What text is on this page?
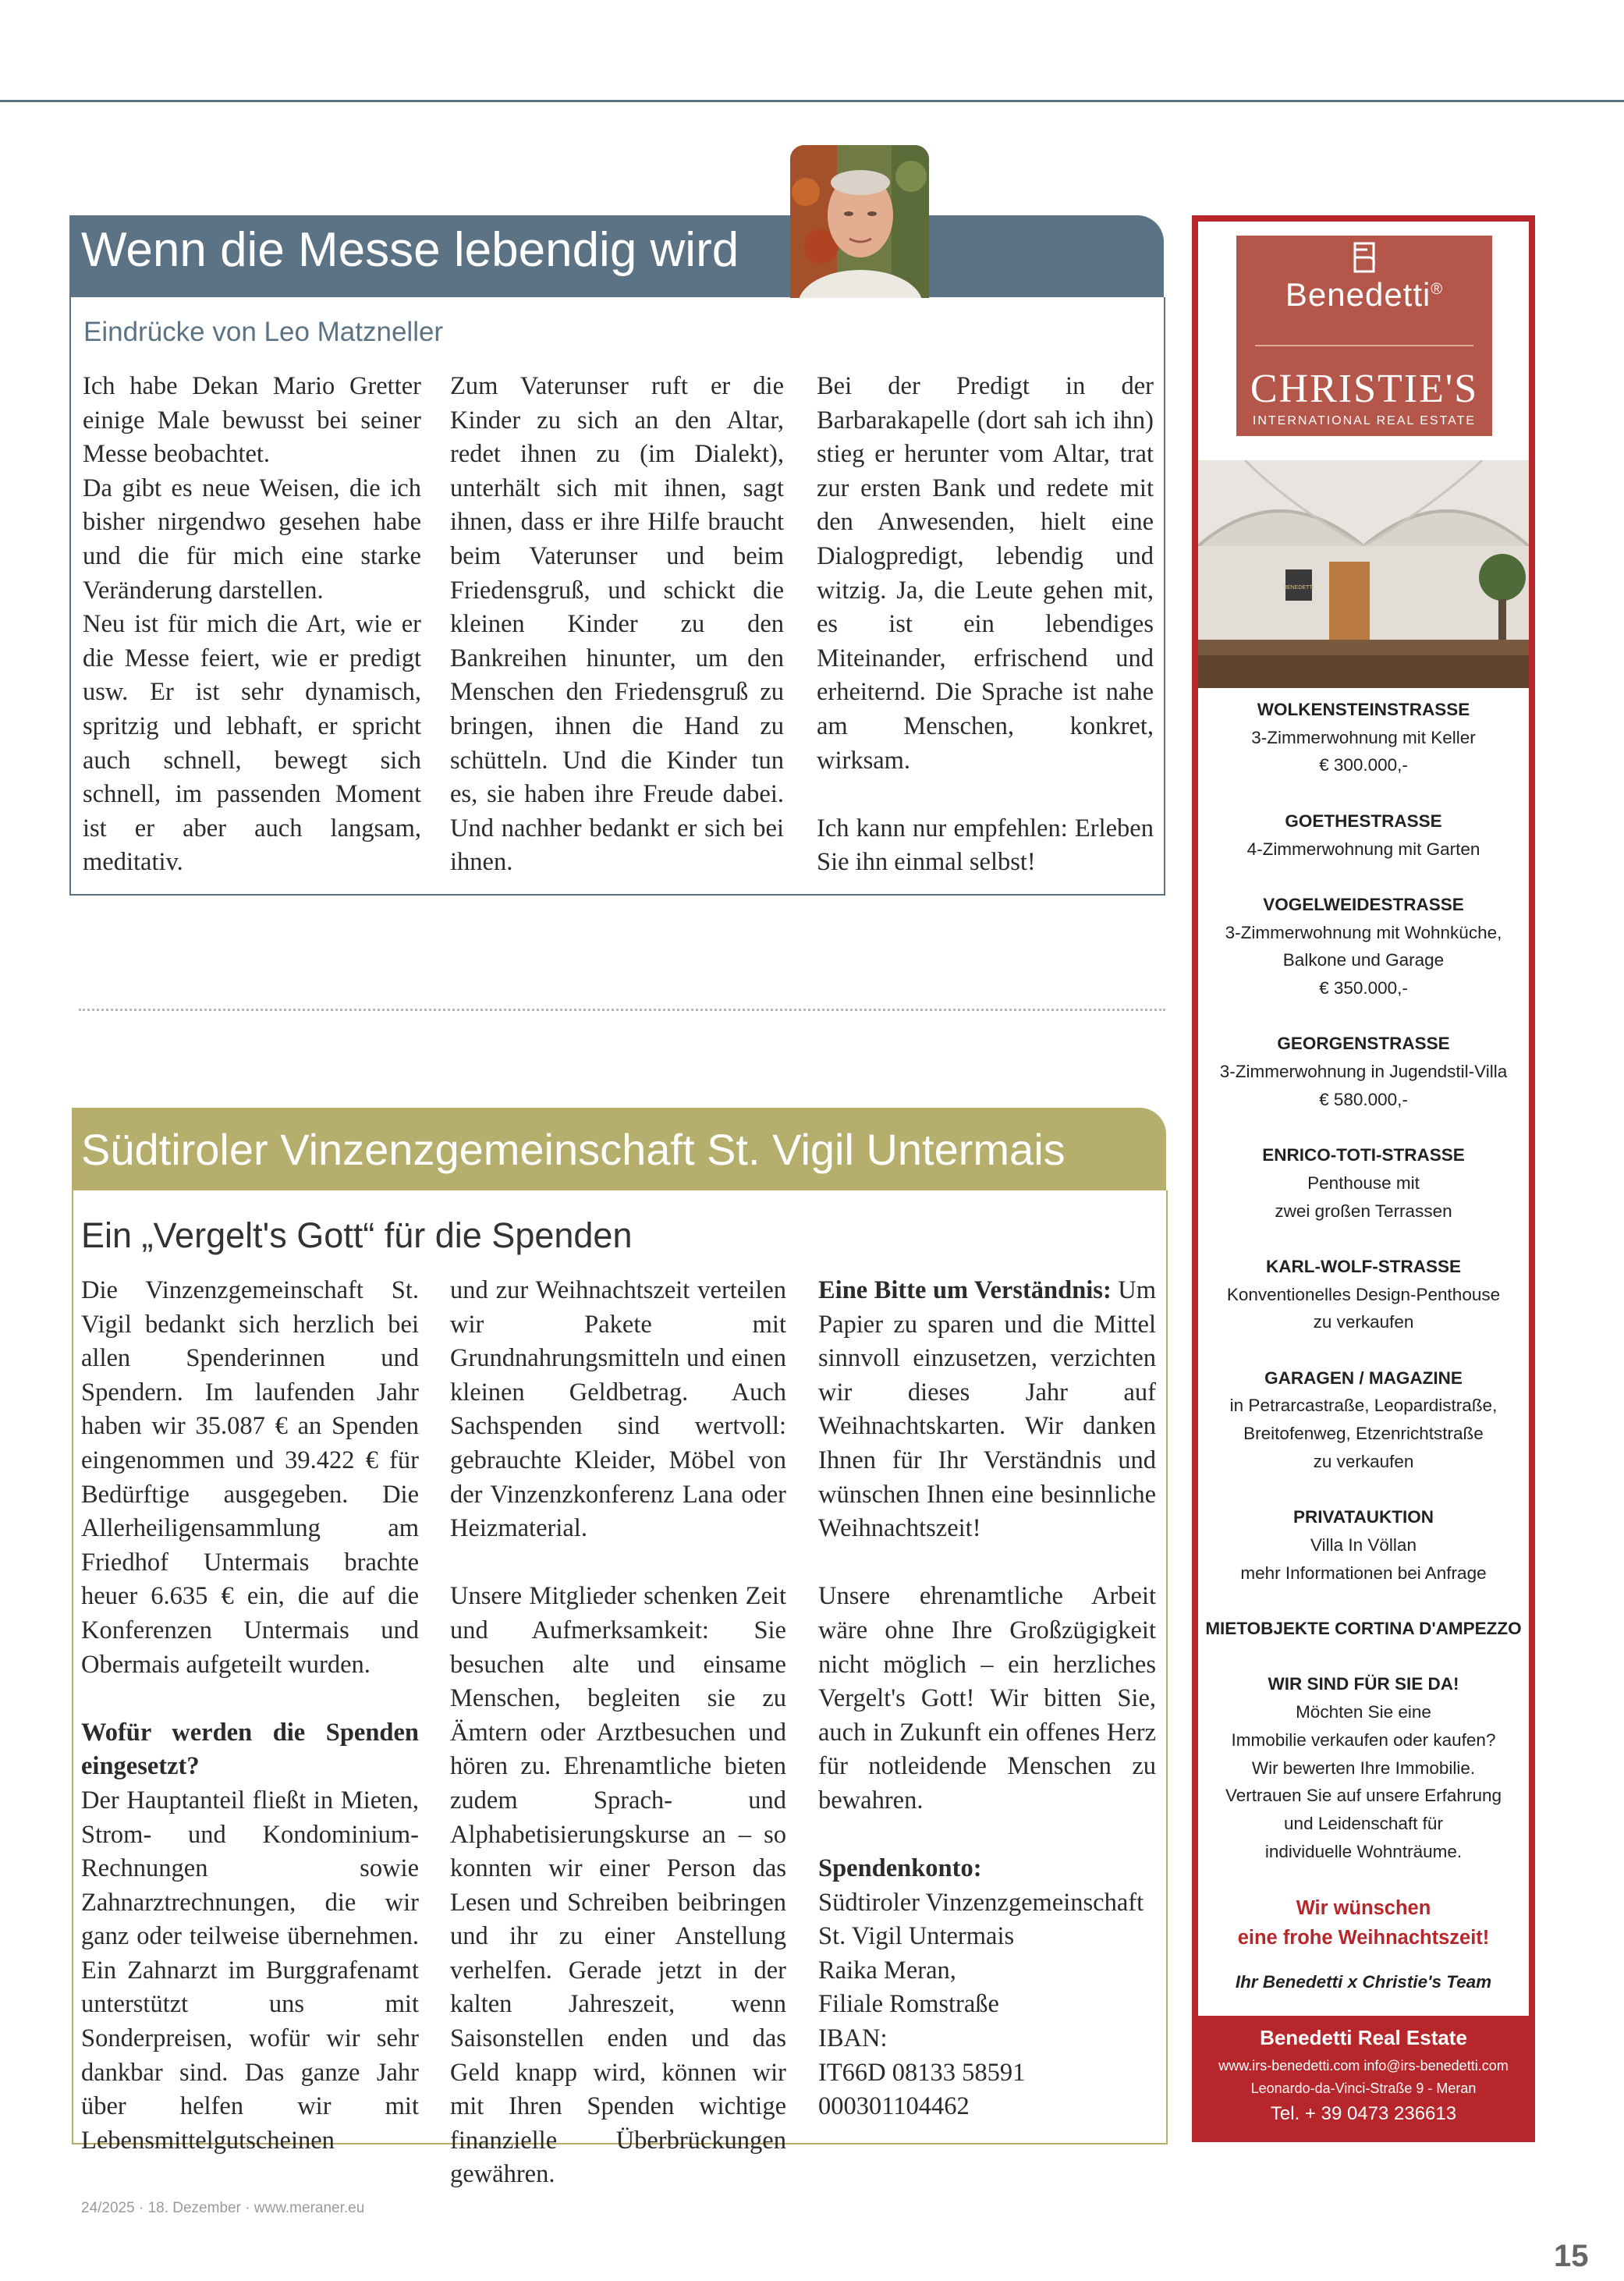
Wenn die Messe lebendig wird
Eindrücke von Leo Matzneller

Ich habe Dekan Mario Gretter einige Male bewusst bei seiner Messe beobachtet.

Da gibt es neue Weisen, die ich bisher nirgendwo gesehen habe und die für mich eine starke Veränderung darstellen.

Neu ist für mich die Art, wie er die Messe feiert, wie er predigt usw. Er ist sehr dynamisch, spritzig und lebhaft, er spricht auch schnell, bewegt sich schnell, im passenden Moment ist er aber auch langsam, meditativ.

Zum Vaterunser ruft er die Kinder zu sich an den Altar, redet ihnen zu (im Dialekt), unterhält sich mit ihnen, sagt ihnen, dass er ihre Hilfe braucht beim Vaterunser und beim Friedensgruß, und schickt die kleinen Kinder zu den Bankreihen hinunter, um den Menschen den Friedensgruß zu bringen, ihnen die Hand zu schütteln. Und die Kinder tun es, sie haben ihre Freude dabei. Und nachher bedankt er sich bei ihnen.

Bei der Predigt in der Barbarakapelle (dort sah ich ihn) stieg er herunter vom Altar, trat zur ersten Bank und redete mit den Anwesenden, hielt eine Dialogpredigt, lebendig und witzig. Ja, die Leute gehen mit, es ist ein lebendiges Miteinander, erfrischend und erheiternd. Die Sprache ist nahe am Menschen, konkret, wirksam.

Ich kann nur empfehlen: Erleben Sie ihn einmal selbst!

Südtiroler Vinzenzgemeinschaft St. Vigil Untermais
Ein „Vergelt's Gott“ für die Spenden

Die Vinzenzgemeinschaft St. Vigil bedankt sich herzlich bei allen Spenderinnen und Spendern. Im laufenden Jahr haben wir 35.087 € an Spenden eingenommen und 39.422 € für Bedürftige ausgegeben. Die Allerheiligensammlung am Friedhof Untermais brachte heuer 6.635 € ein, die auf die Konferenzen Untermais und Obermais aufgeteilt wurden.

Wofür werden die Spenden eingesetzt?

Der Hauptanteil fließt in Mieten, Strom- und Kondominium-Rechnungen sowie Zahnarztrechnungen, die wir ganz oder teilweise übernehmen. Ein Zahnarzt im Burggrafenamt unterstützt uns mit Sonderpreisen, wofür wir sehr dankbar sind. Das ganze Jahr über helfen wir mit Lebensmittelgutscheinen

und zur Weihnachtszeit verteilen wir Pakete mit Grundnahrungsmitteln und einen kleinen Geldbetrag. Auch Sachspenden sind wertvoll: gebrauchte Kleider, Möbel von der Vinzenzkonferenz Lana oder Heizmaterial.

Unsere Mitglieder schenken Zeit und Aufmerksamkeit: Sie besuchen alte und einsame Menschen, begleiten sie zu Ämtern oder Arztbesuchen und hören zu. Ehrenamtliche bieten zudem Sprach- und Alphabetisierungskurse an – so konnten wir einer Person das Lesen und Schreiben beibringen und ihr zu einer Anstellung verhelfen. Gerade jetzt in der kalten Jahreszeit, wenn Saisonstellen enden und das Geld knapp wird, können wir mit Ihren Spenden wichtige finanzielle Überbrückungen gewähren.

Eine Bitte um Verständnis: Um Papier zu sparen und die Mittel sinnvoll einzusetzen, verzichten wir dieses Jahr auf Weihnachtskarten. Wir danken Ihnen für Ihr Verständnis und wünschen Ihnen eine besinnliche Weihnachtszeit!

Unsere ehrenamtliche Arbeit wäre ohne Ihre Großzügigkeit nicht möglich – ein herzliches Vergelt's Gott! Wir bitten Sie, auch in Zukunft ein offenes Herz für notleidende Menschen zu bewahren.

Spendenkonto:

Südtiroler Vinzenzgemeinschaft St. Vigil Untermais

Raika Meran,

Filiale Romstraße

IBAN:

IT66D 08133 58591

000301104462

Benedetti®
CHRISTIE'S
INTERNATIONAL REAL ESTATE
BENEDETTI
WOLKENSTEINSTRASSE
3-Zimmerwohnung mit Keller
€ 300.000,-
GOETHESTRASSE
4-Zimmerwohnung mit Garten
VOGELWEIDESTRASSE
3-Zimmerwohnung mit Wohnküche,
Balkone und Garage
€ 350.000,-
GEORGENSTRASSE
3-Zimmerwohnung in Jugendstil-Villa
€ 580.000,-
ENRICO-TOTI-STRASSE
Penthouse mit
zwei großen Terrassen
KARL-WOLF-STRASSE
Konventionelles Design-Penthouse
zu verkaufen
GARAGEN / MAGAZINE
in Petrarcastraße, Leopardistraße,
Breitofenweg, Etzenrichtstraße
zu verkaufen
PRIVATAUKTION
Villa In Völlan
mehr Informationen bei Anfrage
MIETOBJEKTE CORTINA D'AMPEZZO
WIR SIND FÜR SIE DA!
Möchten Sie eine
Immobilie verkaufen oder kaufen?
Wir bewerten Ihre Immobilie.
Vertrauen Sie auf unsere Erfahrung
und Leidenschaft für
individuelle Wohnträume.
Wir wünschen
eine frohe Weihnachtszeit!
Ihr Benedetti x Christie's Team
Benedetti Real Estate
www.irs-benedetti.com info@irs-benedetti.com
Leonardo-da-Vinci-Straße 9 - Meran
Tel. + 39 0473 236613
24/2025 · 18. Dezember · www.meraner.eu
15
